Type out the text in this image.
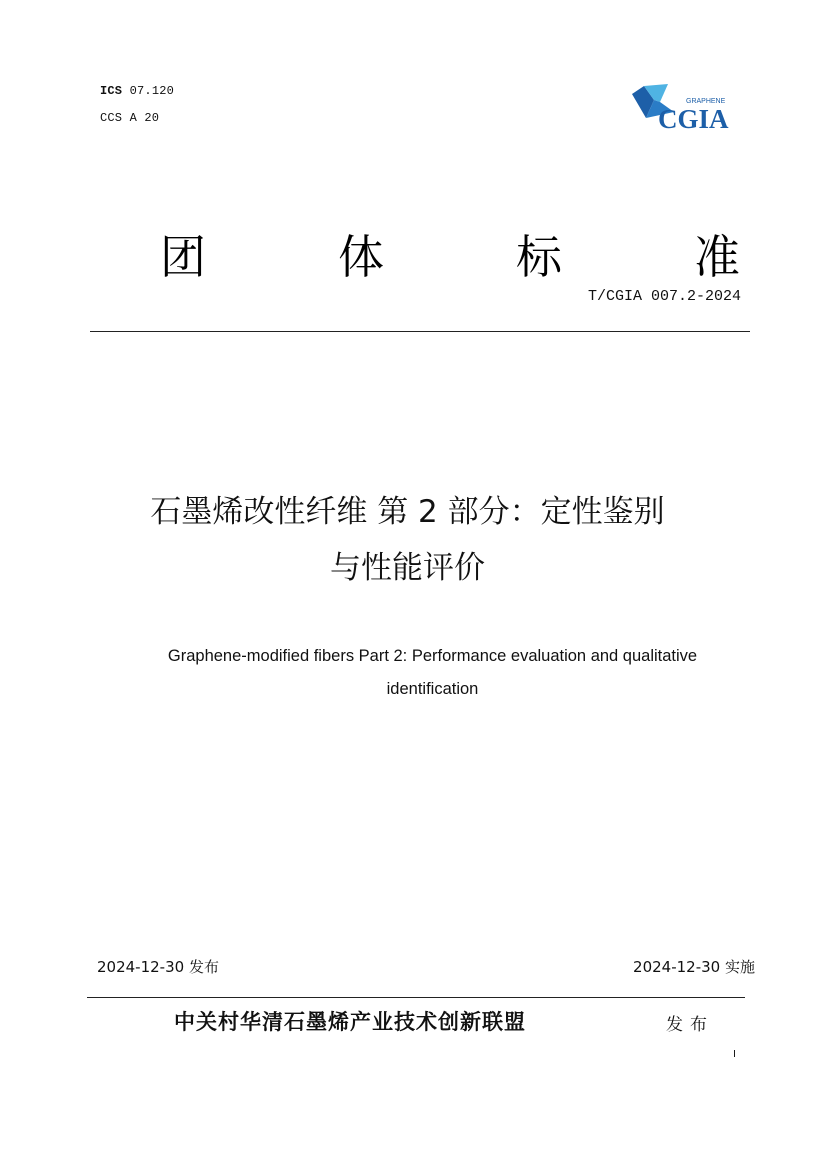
ICS 07.120
CCS A 20
GRAPHENE
CGIA
团	体	标	准
T/CGIA 007.2-2024
石墨烯改性纤维 第 2 部分：定性鉴别
与性能评价
Graphene-modified fibers Part 2: Performance evaluation and qualitative
identification
2024-12-30 发布	2024-12-30 实施
中关村华清石墨烯产业技术创新联盟	发布
I
